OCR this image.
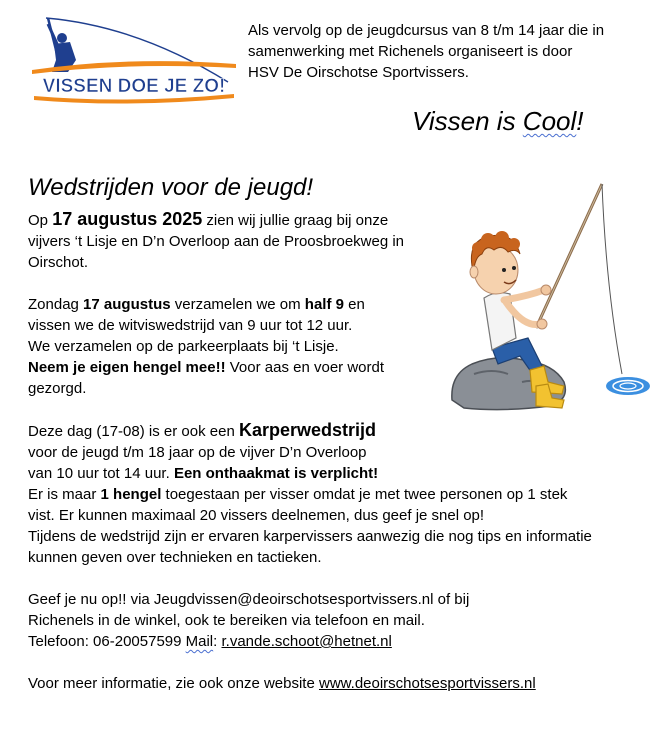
VISSEN DOE JE ZO!
Als vervolg op de jeugdcursus van 8 t/m 14 jaar die in
samenwerking met Richenels organiseert is door
HSV De Oirschotse Sportvissers.
Vissen is Cool!
Wedstrijden voor de jeugd!

Op 17 augustus 2025 zien wij jullie graag bij onze

vijvers ‘t Lisje en D’n Overloop aan de Proosbroekweg in

Oirschot.

Zondag 17 augustus verzamelen we om half 9 en

vissen we de witviswedstrijd van 9 uur tot 12 uur.

We verzamelen op de parkeerplaats bij ‘t Lisje.

Neem je eigen hengel mee!! Voor aas en voer wordt

gezorgd.

Deze dag (17-08) is er ook een Karperwedstrijd

voor de jeugd t/m 18 jaar op de vijver D’n Overloop

van 10 uur tot 14 uur. Een onthaakmat is verplicht!

Er is maar 1 hengel toegestaan per visser omdat je met twee personen op 1 stek

vist. Er kunnen maximaal 20 vissers deelnemen, dus geef je snel op!

Tijdens de wedstrijd zijn er ervaren karpervissers aanwezig die nog tips en informatie

kunnen geven over technieken en tactieken.

Geef je nu op!! via Jeugdvissen@deoirschotsesportvissers.nl of bij

Richenels in de winkel, ook te bereiken via telefoon en mail.

Telefoon: 06-20057599 Mail: r.vande.schoot@hetnet.nl

Voor meer informatie, zie ook onze website www.deoirschotsesportvissers.nl
